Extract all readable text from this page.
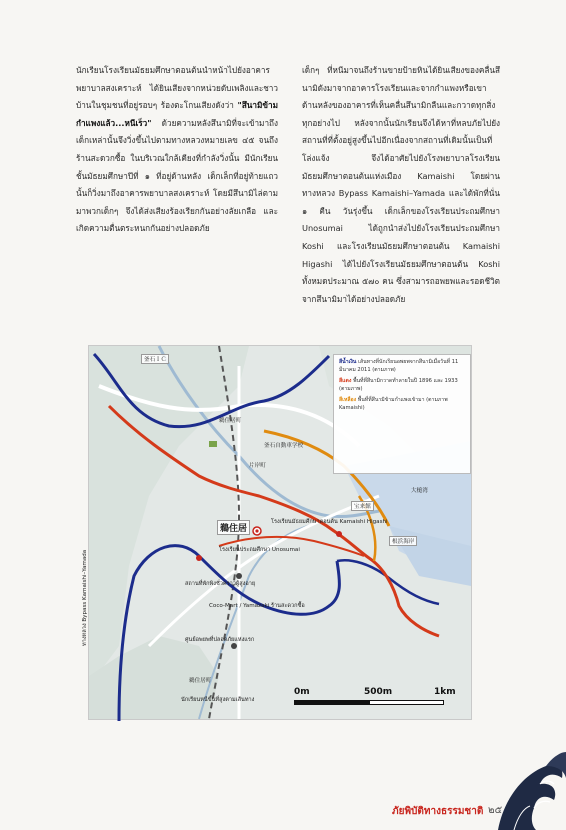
นักเรียนโรงเรียนมัธยมศึกษาตอนต้นนำหน้าไปยังอาคารพยาบาลสงเคราะห์ ได้ยินเสียงจากหน่วยดับเพลิงและชาวบ้านในชุมชนที่อยู่รอบๆ ร้องตะโกนเสียงดังว่า "สึนามิข้ามกำแพงแล้ว...หนีเร็ว" ด้วยความหลังสึนามิที่จะเข้ามาถึงเด็กเหล่านั้นจึงวิ่งขึ้นไปตามทางหลวงหมายเลข ๔๕ จนถึงร้านสะดวกซื้อ ในบริเวณใกล้เคียงที่กำลังวิ่งนั้น มีนักเรียนชั้นมัธยมศึกษาปีที่ ๑ ที่อยู่ด้านหลัง เด็กเล็กที่อยู่ท้ายแถวนั้นก็วิ่งมาถึงอาคารพยาบาลสงเคราะห์ โดยมีสึนามิไล่ตามมาพวกเด็กๆ จึงได้ส่งเสียงร้องเรียกกันอย่างลัยเกลือ และเกิดความตื่นตระหนกกันอย่างปลอดภัย
เด็กๆ ที่หนีมาจนถึงร้านขายป้ายหินได้ยินเสียงของคลื่นสึนามิดังมาจากอาคารโรงเรียนและจากกำแพงหรือเขาด้านหลังของอาคารที่เห็นคลื่นสึนามิกลืนและกวาดทุกสิ่งทุกอย่างไป หลังจากนั้นนักเรียนจึงได้หาที่หลบภัยไปยังสถานที่ที่ตั้งอยู่สูงขึ้นไปอีกเนื่องจากสถานที่เดิมนั้นเป็นที่โล่งแจ้ง จึงได้อาศัยไปยังโรงพยาบาลโรงเรียนมัธยมศึกษาตอนต้นแห่งเมือง Kamaishi โดยผ่านทางหลวง Bypass Kamaishi–Yamada และได้พักที่นั่น ๑ คืน วันรุ่งขึ้น เด็กเล็กของโรงเรียนประถมศึกษา Unosumai ได้ถูกนำส่งไปยังโรงเรียนประถมศึกษา Koshi และโรงเรียนมัธยมศึกษาตอนต้น Kamaishi Higashi ได้ไปยังโรงเรียนมัธยมศึกษาตอนต้น Koshi ทั้งหมดประมาณ ๕๗๐ คน ซึ่งสามารถอพยพและรอดชีวิตจากสึนามิมาได้อย่างปลอดภัย
สีน้ำเงิน เส้นทางที่นักเรียนอพยพจากสึนามิเมื่อวันที่ 11 มีนาคม 2011 (ตามภาพ)
สีแดง พื้นที่ที่สึนามิกวาดทำลายในปี 1896 และ 1933 (ตามภาพ)
สีเหลือง พื้นที่ที่สึนามิข้ามกำแพงเข้ามา (ตามภาพ Kamaishi)
釜石ＩＣ
鵜住居町
釜石自動車学校
片岸町
大槌湾
宝来館
根浜海岸
鵜住居
โรงเรียนมัธยมศึกษาตอนต้น Kamaishi Higashi
โรงเรียนประถมศึกษา Unosumai
สถานที่พักพิงชั่วคราวผู้สูงอายุ
Coco-Mart / Yamazaki ร้านสะดวกซื้อ
ศูนย์อพยพที่ปลอดภัยแห่งแรก
ทางหลวง Bypass Kamaishi–Yamada
鵜住居町
นักเรียนหนีขึ้นที่สูงตามเส้นทาง
0m	500m	1km
ภัยพิบัติทางธรรมชาติ ๒๕
